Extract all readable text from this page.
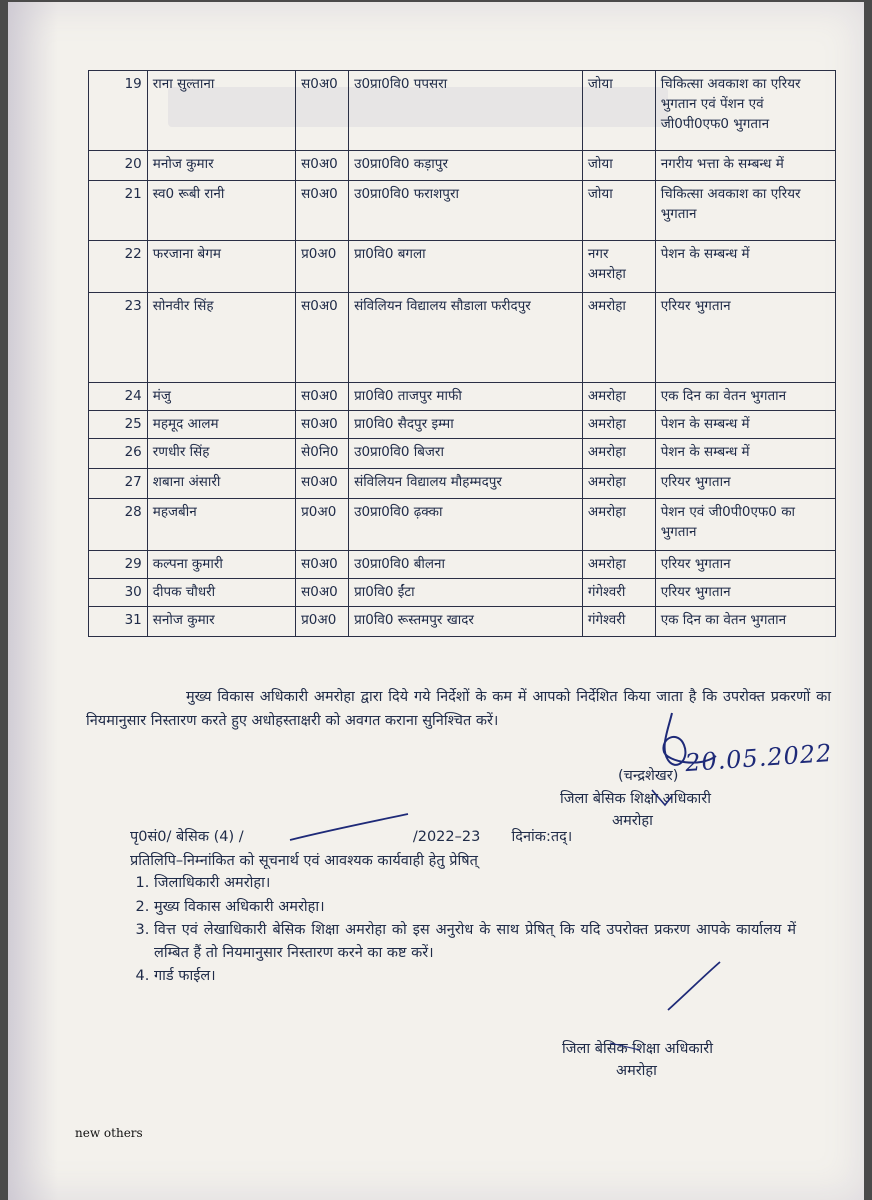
19	राना सुल्ताना	स0अ0	उ0प्रा0वि0 पपसरा	जोया	चिकित्सा अवकाश का एरियर भुगतान एवं पेंशन एवं जी0पी0एफ0 भुगतान
20	मनोज कुमार	स0अ0	उ0प्रा0वि0 कड़ापुर	जोया	नगरीय भत्ता के सम्बन्ध में
21	स्व0 रूबी रानी	स0अ0	उ0प्रा0वि0 फराशपुरा	जोया	चिकित्सा अवकाश का एरियर भुगतान
22	फरजाना बेगम	प्र0अ0	प्रा0वि0 बगला	नगर अमरोहा	पेशन के सम्बन्ध में
23	सोनवीर सिंह	स0अ0	संविलियन विद्यालय सौडाला फरीदपुर	अमरोहा	एरियर भुगतान
24	मंजु	स0अ0	प्रा0वि0 ताजपुर माफी	अमरोहा	एक दिन का वेतन भुगतान
25	महमूद आलम	स0अ0	प्रा0वि0 सैदपुर इम्मा	अमरोहा	पेशन के सम्बन्ध में
26	रणधीर सिंह	से0नि0	उ0प्रा0वि0 बिजरा	अमरोहा	पेशन के सम्बन्ध में
27	शबाना अंसारी	स0अ0	संविलियन विद्यालय मौहम्मदपुर	अमरोहा	एरियर भुगतान
28	महजबीन	प्र0अ0	उ0प्रा0वि0 ढ़क्का	अमरोहा	पेशन एवं जी0पी0एफ0 का भुगतान
29	कल्पना कुमारी	स0अ0	उ0प्रा0वि0 बीलना	अमरोहा	एरियर भुगतान
30	दीपक चौधरी	स0अ0	प्रा0वि0 ईंटा	गंगेश्वरी	एरियर भुगतान
31	सनोज कुमार	प्र0अ0	प्रा0वि0 रूस्तमपुर खादर	गंगेश्वरी	एक दिन का वेतन भुगतान
मुख्य विकास अधिकारी अमरोहा द्वारा दिये गये निर्देशों के कम में आपको निर्देशित किया जाता है कि उपरोक्त प्रकरणों का नियमानुसार निस्तारण करते हुए अधोहस्ताक्षरी को अवगत कराना सुनिश्चित करें।
(चन्द्रशेखर) 20.05.2022
जिला बेसिक शिक्षा अधिकारी
अमरोहा
पृ0सं0/ बेसिक (4) /	/2022–23 दिनांक:तद्।
प्रतिलिपि–निम्नांकित को सूचनार्थ एवं आवश्यक कार्यवाही हेतु प्रेषित्
1. जिलाधिकारी अमरोहा।
2. मुख्य विकास अधिकारी अमरोहा।
3. वित्त एवं लेखाधिकारी बेसिक शिक्षा अमरोहा को इस अनुरोध के साथ प्रेषित् कि यदि उपरोक्त प्रकरण आपके कार्यालय में लम्बित हैं तो नियमानुसार निस्तारण करने का कष्ट करें।
4. गार्ड फाईल।
जिला बेसिक शिक्षा अधिकारी
अमरोहा
new others
